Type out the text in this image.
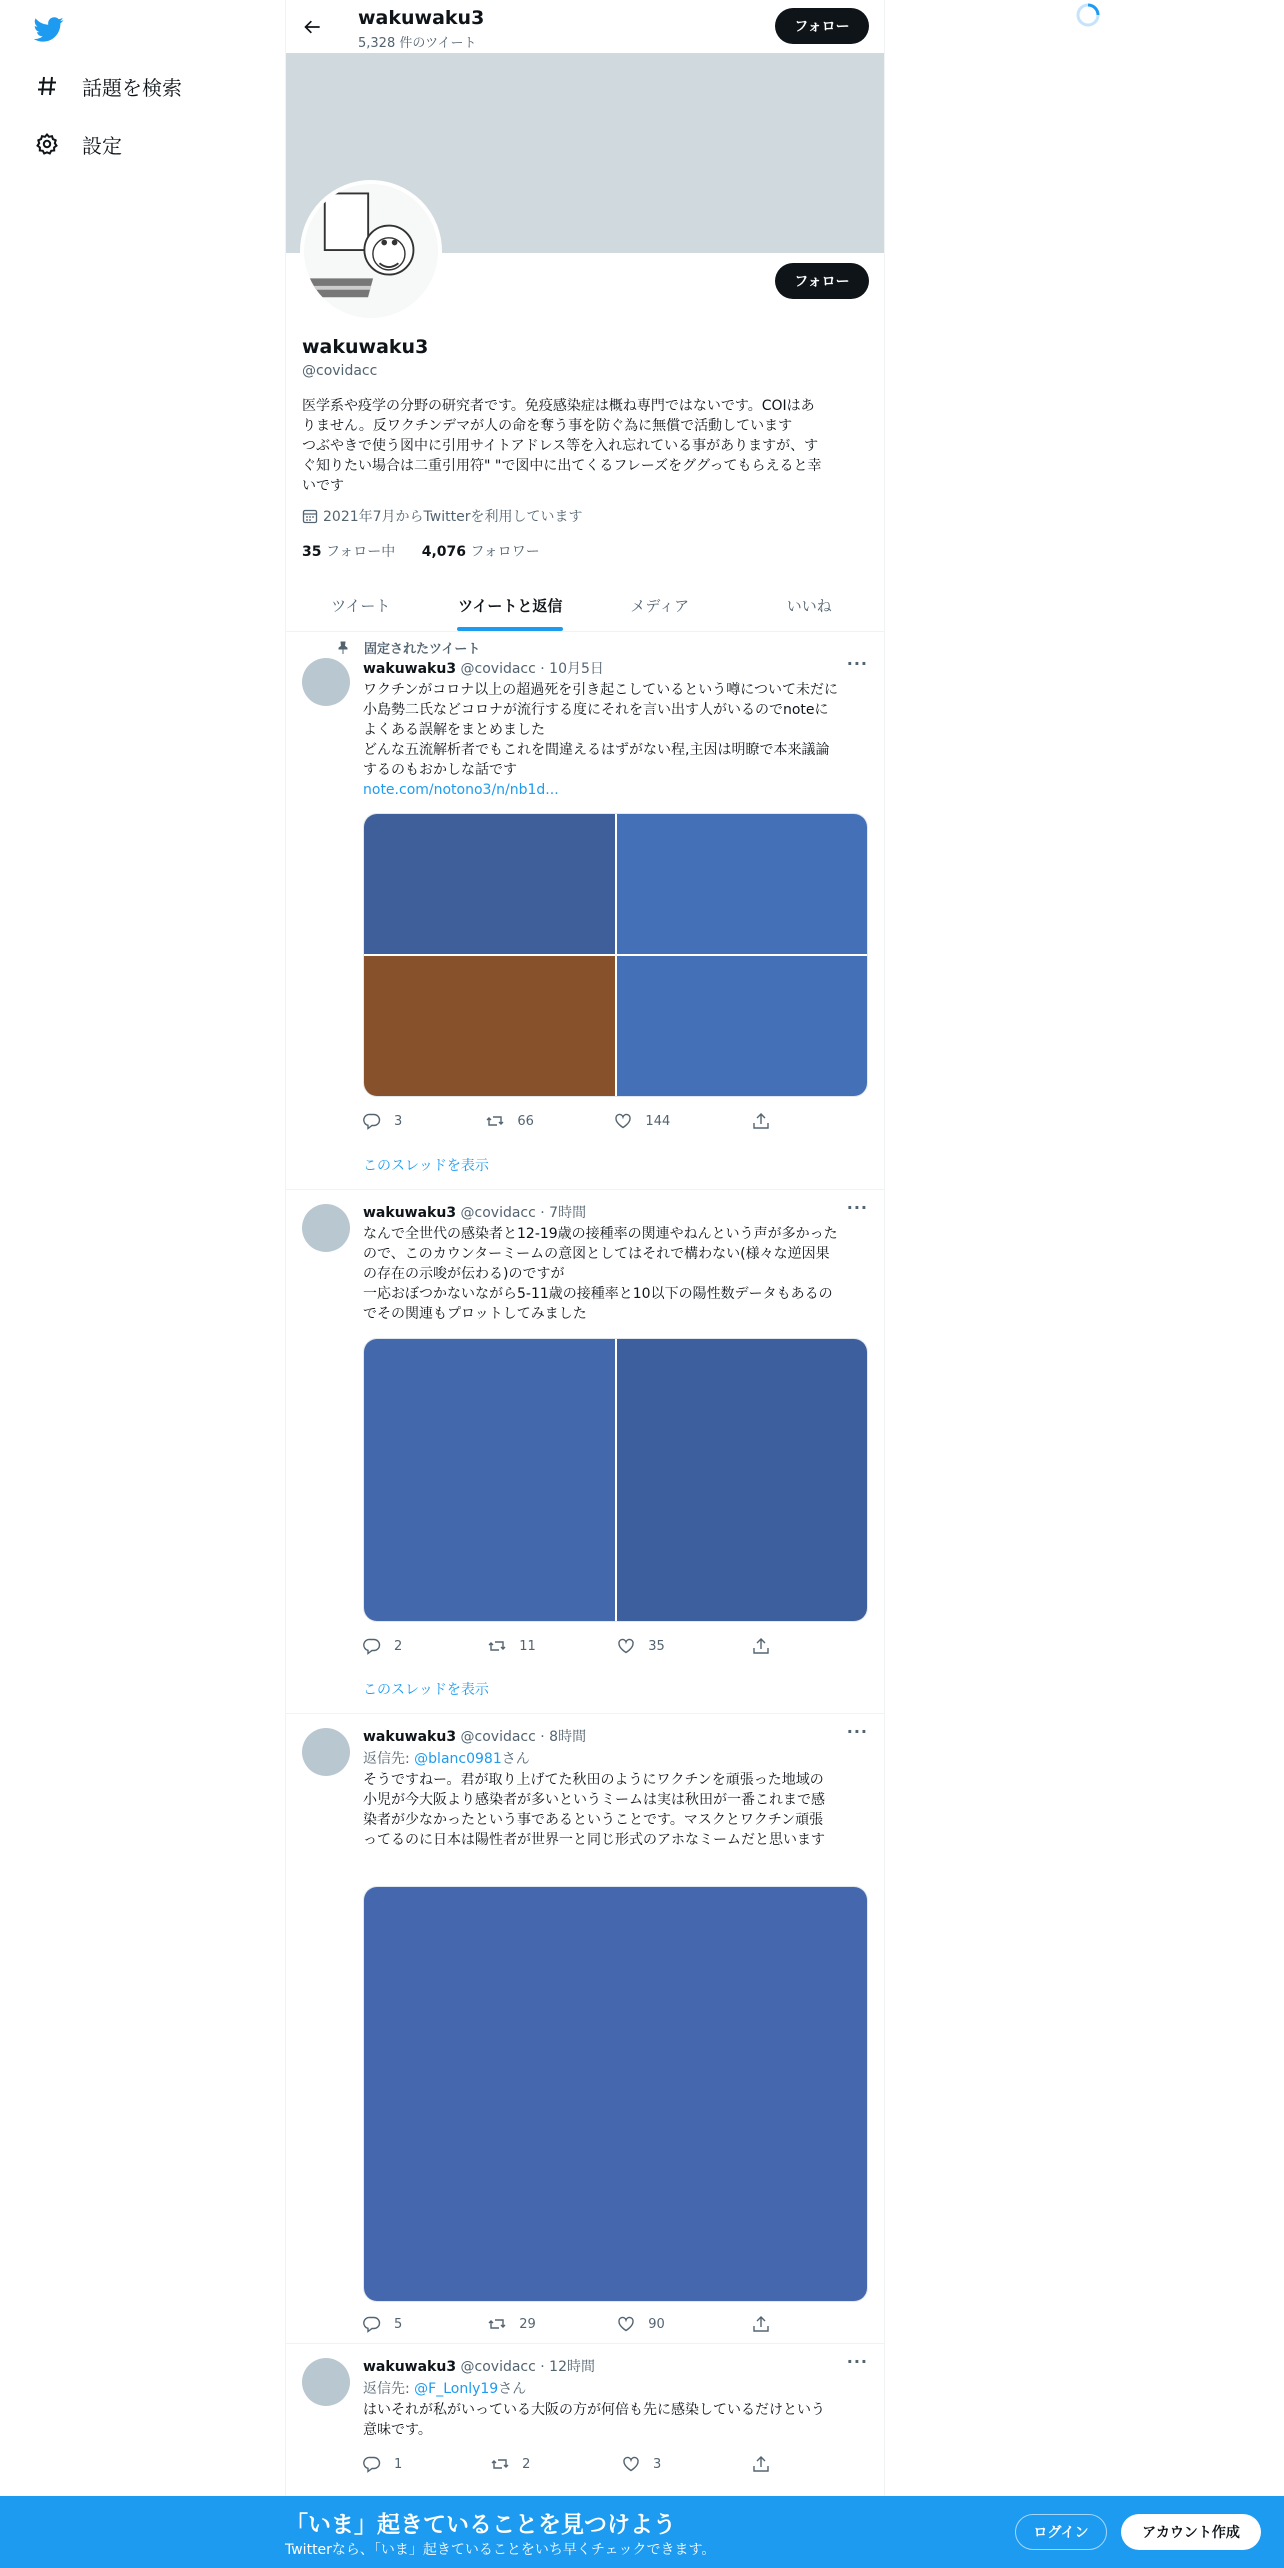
話題を検索
設定
wakuwaku3
5,328 件のツイート
フォロー
フォロー
wakuwaku3
@covidacc
医学系や疫学の分野の研究者です。免疫感染症は概ね専門ではないです。COIはあ
りません。反ワクチンデマが人の命を奪う事を防ぐ為に無償で活動しています
つぶやきで使う図中に引用サイトアドレス等を入れ忘れている事がありますが、す
ぐ知りたい場合は二重引用符" "で図中に出てくるフレーズをググってもらえると幸
いです
2021年7月からTwitterを利用しています
35 フォロー中 4,076 フォロワー
ツイート	ツイートと返信	メディア	いいね
固定されたツイート
wakuwaku3 @covidacc · 10月5日	···
ワクチンがコロナ以上の超過死を引き起こしているという噂について未だに
小島勢二氏などコロナが流行する度にそれを言い出す人がいるのでnoteに
よくある誤解をまとめました
どんな五流解析者でもこれを間違えるはずがない程,主因は明瞭で本来議論
するのもおかしな話です
note.com/notono3/n/nb1d...
3	66	144
このスレッドを表示
wakuwaku3 @covidacc · 7時間	···
なんで全世代の感染者と12-19歳の接種率の関連やねんという声が多かった
ので、このカウンターミームの意図としてはそれで構わない(様々な逆因果
の存在の示唆が伝わる)のですが
一応おぼつかないながら5-11歳の接種率と10以下の陽性数データもあるの
でその関連もプロットしてみました
2	11	35
このスレッドを表示
wakuwaku3 @covidacc · 8時間	···
返信先: @blanc0981さん
そうですねー。君が取り上げてた秋田のようにワクチンを頑張った地域の
小児が今大阪より感染者が多いというミームは実は秋田が一番これまで感
染者が少なかったという事であるということです。マスクとワクチン頑張
ってるのに日本は陽性者が世界一と同じ形式のアホなミームだと思います
5	29	90
wakuwaku3 @covidacc · 12時間	···
返信先: @F_Lonly19さん
はいそれが私がいっている大阪の方が何倍も先に感染しているだけという
意味です。
1	2	3
「いま」起きていることを見つけよう
Twitterなら、「いま」起きていることをいち早くチェックできます。
ログイン	アカウント作成
